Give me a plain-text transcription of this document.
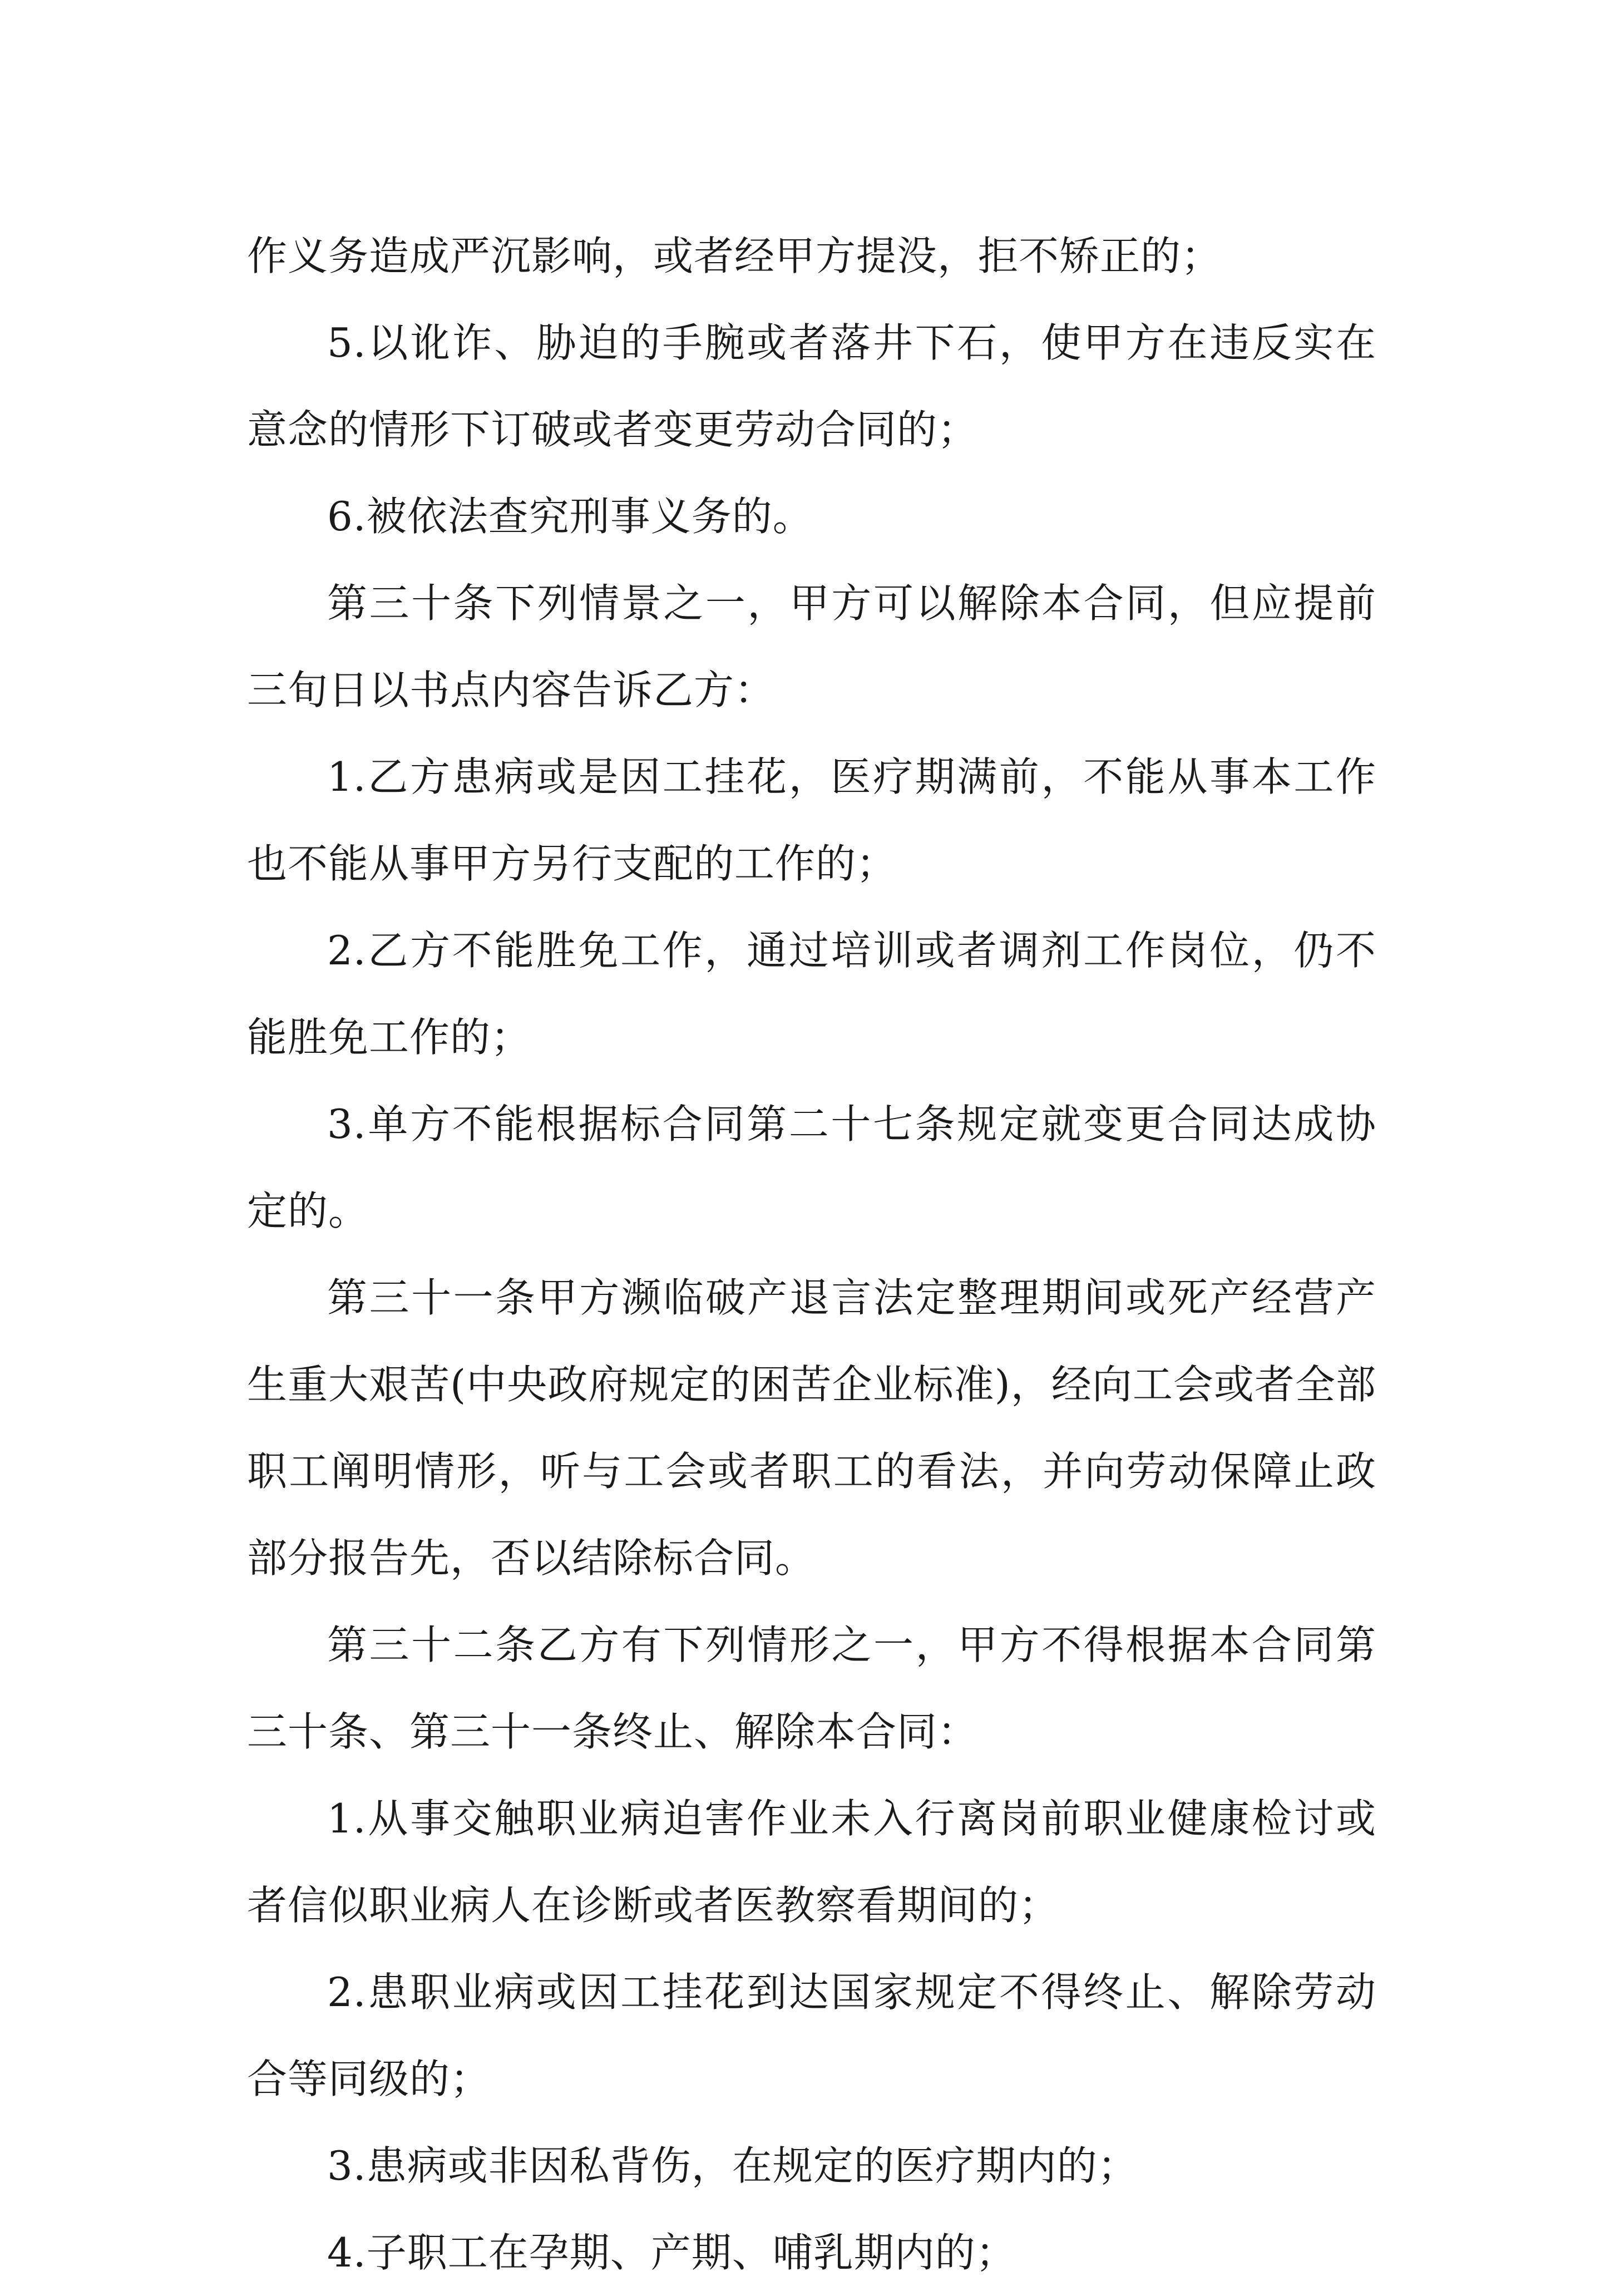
作义务造成严沉影响，或者经甲方提没，拒不矫正的；

5.以讹诈、胁迫的手腕或者落井下石，使甲方在违反实在意念的情形下订破或者变更劳动合同的；

6.被依法查究刑事义务的。

第三十条下列情景之一，甲方可以解除本合同，但应提前三旬日以书点内容告诉乙方：

1.乙方患病或是因工挂花，医疗期满前，不能从事本工作也不能从事甲方另行支配的工作的；

2.乙方不能胜免工作，通过培训或者调剂工作岗位，仍不能胜免工作的；

3.单方不能根据标合同第二十七条规定就变更合同达成协定的。

第三十一条甲方濒临破产退言法定整理期间或死产经营产生重大艰苦(中央政府规定的困苦企业标准)，经向工会或者全部职工阐明情形，听与工会或者职工的看法，并向劳动保障止政部分报告先，否以结除标合同。

第三十二条乙方有下列情形之一，甲方不得根据本合同第三十条、第三十一条终止、解除本合同：

1.从事交触职业病迫害作业未入行离岗前职业健康检讨或者信似职业病人在诊断或者医教察看期间的；

2.患职业病或因工挂花到达国家规定不得终止、解除劳动合等同级的；

3.患病或非因私背伤，在规定的医疗期内的；

4.子职工在孕期、产期、哺乳期内的；
